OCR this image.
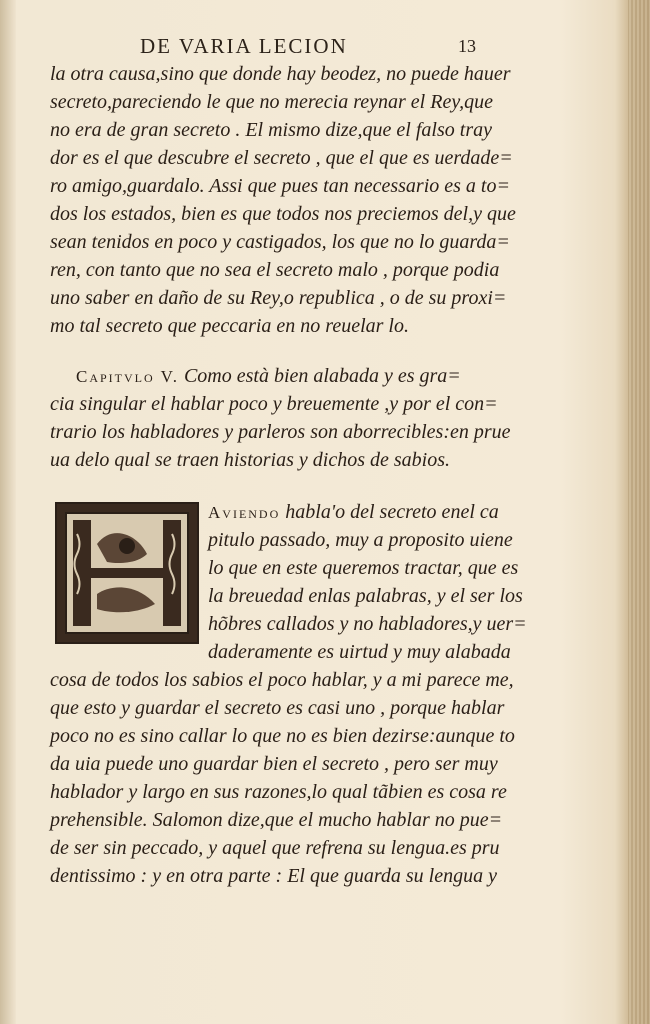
DE VARIA LECION	13
la otra causa,sino que donde hay beodez, no puede hauer
secreto,pareciendo le que no merecia reynar el Rey,que
no era de gran secreto . El mismo dize,que el falso tray
dor es el que descubre el secreto , que el que es uerdade=
ro amigo,guardalo. Assi que pues tan necessario es a to=
dos los estados, bien es que todos nos preciemos del,y que
sean tenidos en poco y castigados, los que no lo guarda=
ren, con tanto que no sea el secreto malo , porque podia
uno saber en daño de su Rey,o republica , o de su proxi=
mo tal secreto que peccaria en no reuelar lo.
Capitvlo V. Como està bien alabada y es gra=
cia singular el hablar poco y breuemente ,y por el con=
trario los habladores y parleros son aborrecibles:en prue
ua delo qual se traen historias y dichos de sabios.
Aviendo habla'o del secreto enel ca
pitulo passado, muy a proposito uiene
lo que en este queremos tractar, que es
la breuedad enlas palabras, y el ser los
hõbres callados y no habladores,y uer=
daderamente es uirtud y muy alabada
cosa de todos los sabios el poco hablar, y a mi parece me,
que esto y guardar el secreto es casi uno , porque hablar
poco no es sino callar lo que no es bien dezirse:aunque to
da uia puede uno guardar bien el secreto , pero ser muy
hablador y largo en sus razones,lo qual tãbien es cosa re
prehensible. Salomon dize,que el mucho hablar no pue=
de ser sin peccado, y aquel que refrena su lengua.es pru
dentissimo : y en otra parte : El que guarda su lengua y
